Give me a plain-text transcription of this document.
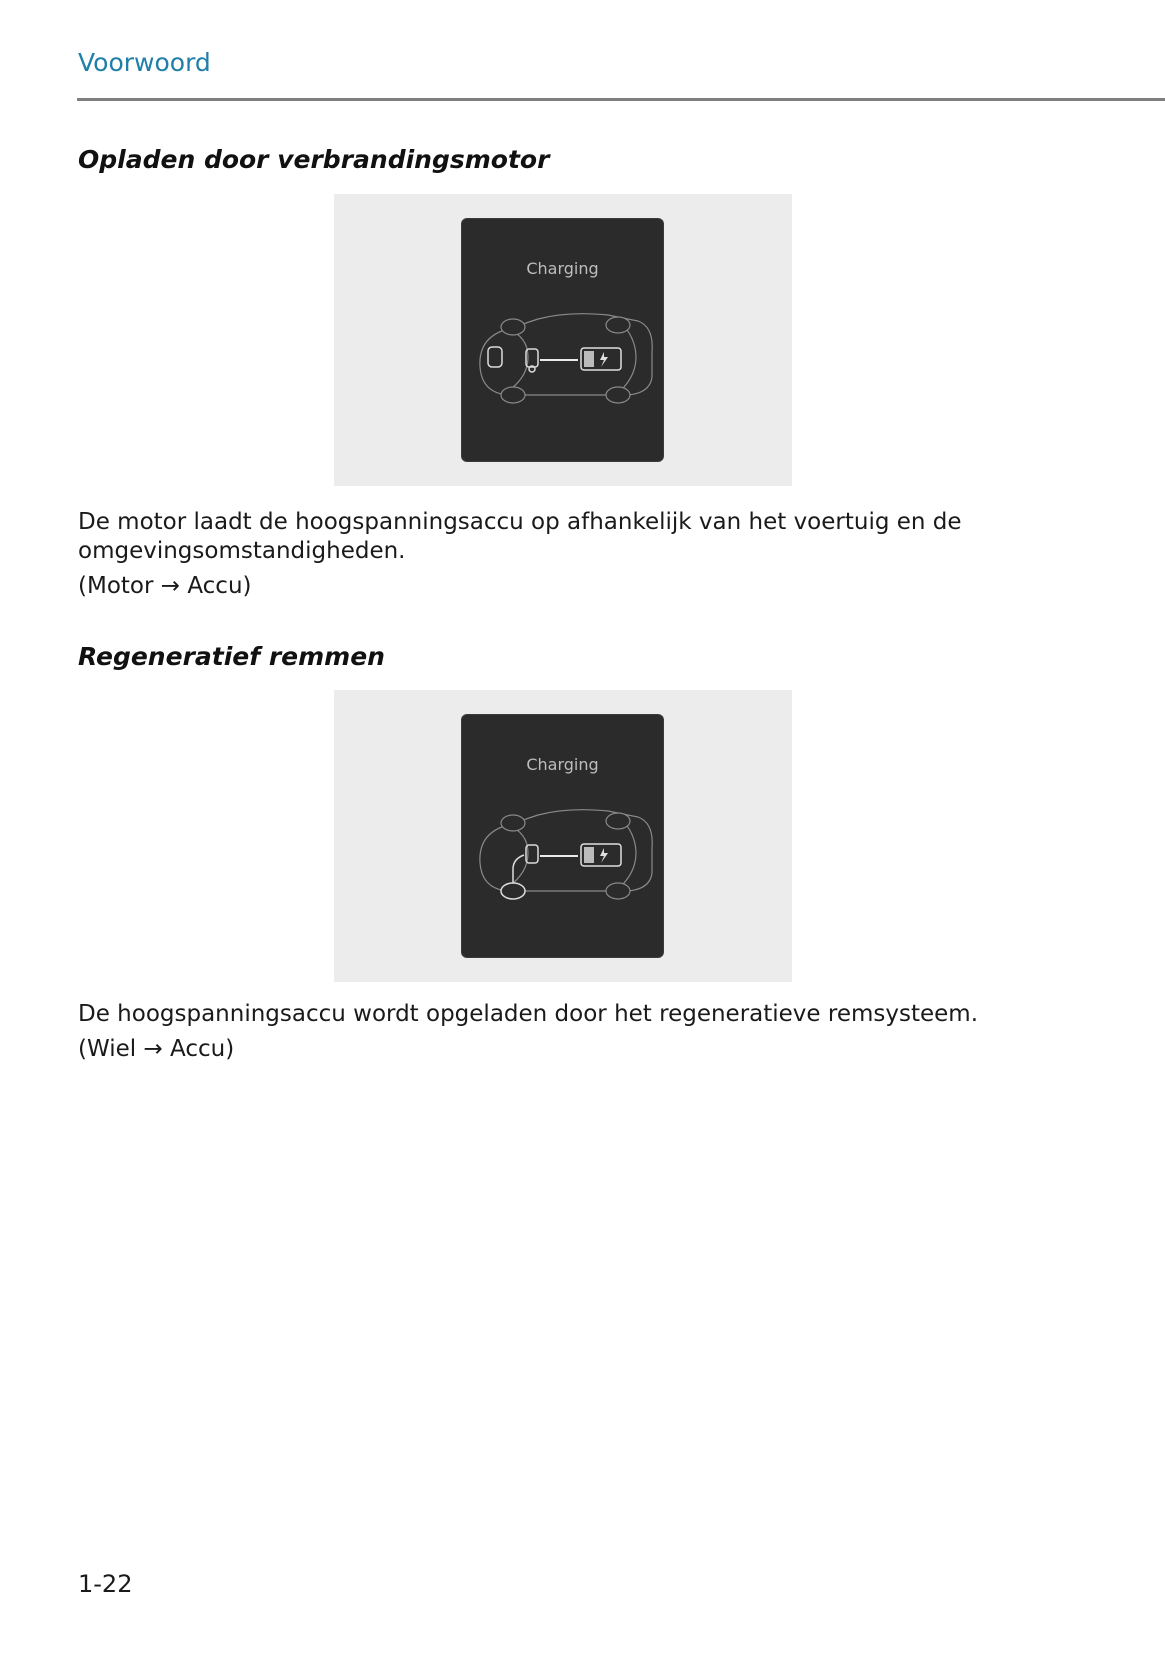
Voorwoord
Opladen door verbrandingsmotor
Charging
De motor laadt de hoogspanningsaccu op afhankelijk van het voertuig en de omgevingsomstandigheden.
(Motor → Accu)
Regeneratief remmen
Charging
De hoogspanningsaccu wordt opgeladen door het regeneratieve remsysteem.
(Wiel → Accu)
1-22
